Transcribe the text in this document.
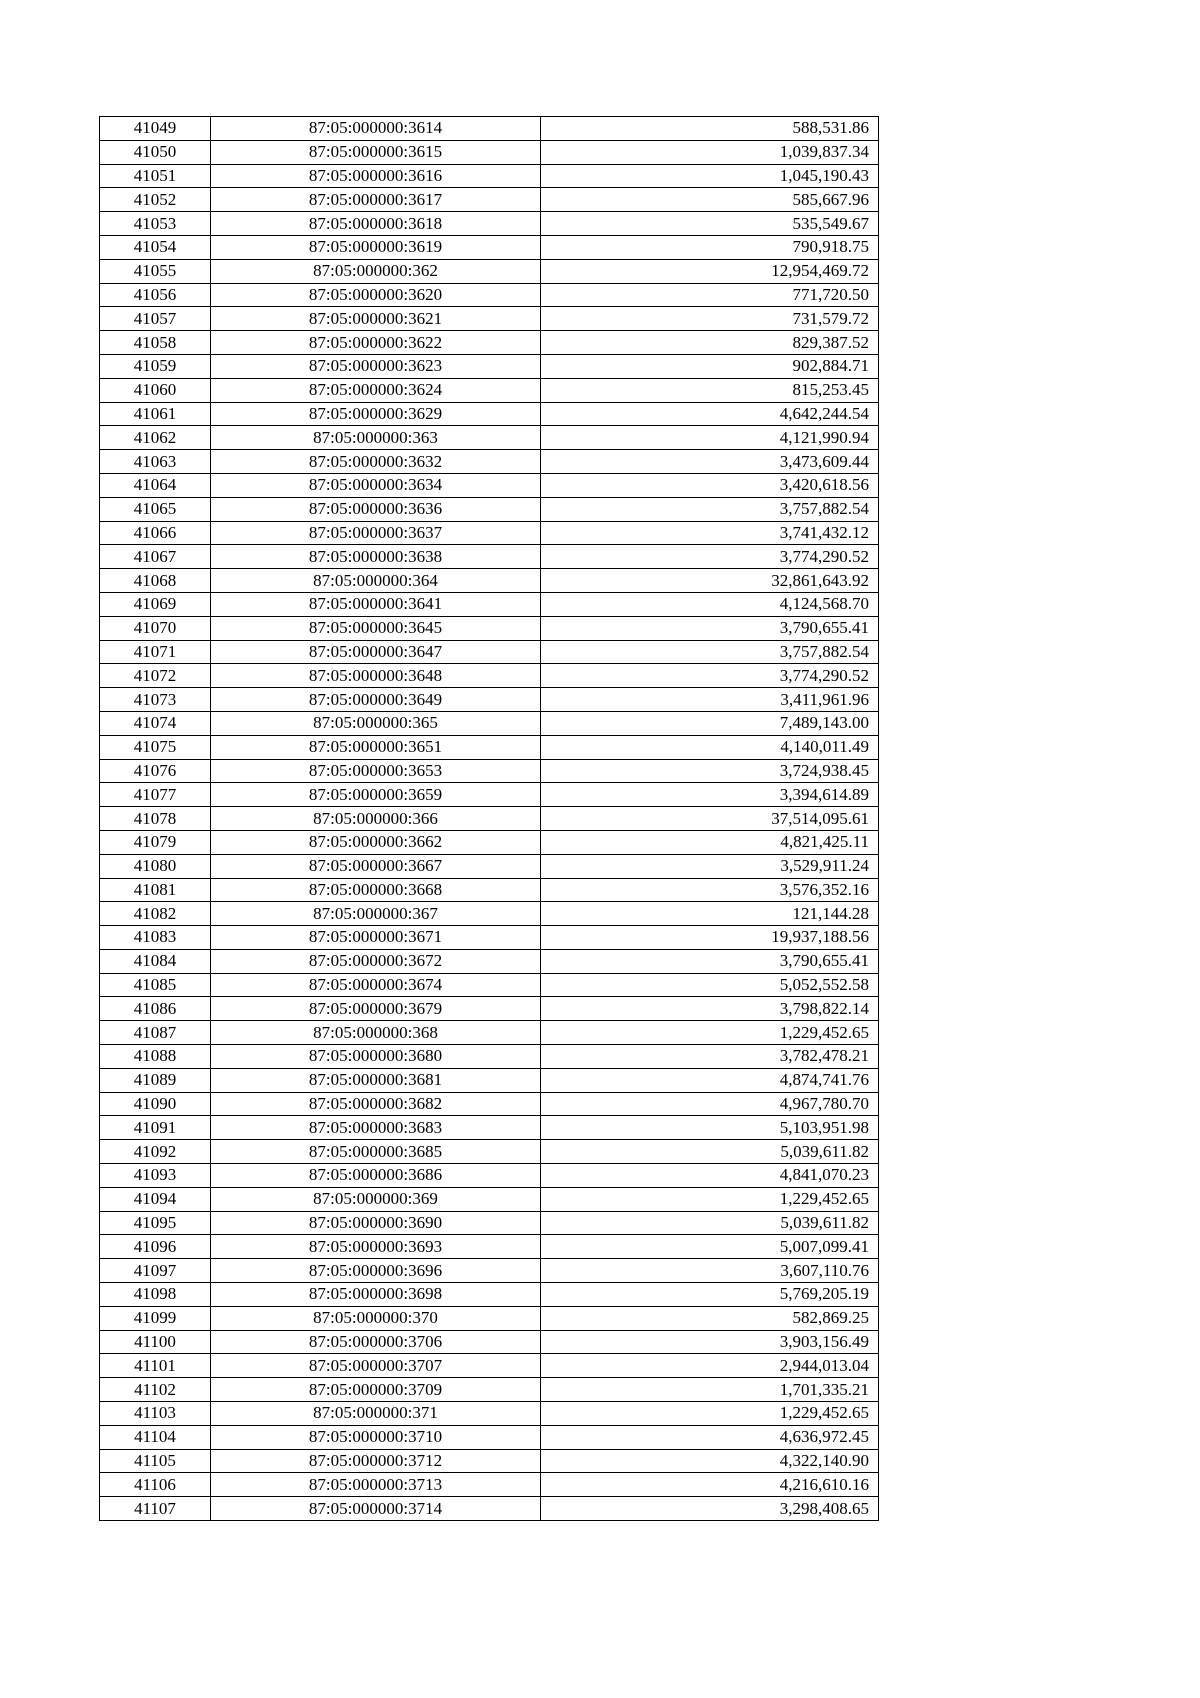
41049	87:05:000000:3614	588,531.86
41050	87:05:000000:3615	1,039,837.34
41051	87:05:000000:3616	1,045,190.43
41052	87:05:000000:3617	585,667.96
41053	87:05:000000:3618	535,549.67
41054	87:05:000000:3619	790,918.75
41055	87:05:000000:362	12,954,469.72
41056	87:05:000000:3620	771,720.50
41057	87:05:000000:3621	731,579.72
41058	87:05:000000:3622	829,387.52
41059	87:05:000000:3623	902,884.71
41060	87:05:000000:3624	815,253.45
41061	87:05:000000:3629	4,642,244.54
41062	87:05:000000:363	4,121,990.94
41063	87:05:000000:3632	3,473,609.44
41064	87:05:000000:3634	3,420,618.56
41065	87:05:000000:3636	3,757,882.54
41066	87:05:000000:3637	3,741,432.12
41067	87:05:000000:3638	3,774,290.52
41068	87:05:000000:364	32,861,643.92
41069	87:05:000000:3641	4,124,568.70
41070	87:05:000000:3645	3,790,655.41
41071	87:05:000000:3647	3,757,882.54
41072	87:05:000000:3648	3,774,290.52
41073	87:05:000000:3649	3,411,961.96
41074	87:05:000000:365	7,489,143.00
41075	87:05:000000:3651	4,140,011.49
41076	87:05:000000:3653	3,724,938.45
41077	87:05:000000:3659	3,394,614.89
41078	87:05:000000:366	37,514,095.61
41079	87:05:000000:3662	4,821,425.11
41080	87:05:000000:3667	3,529,911.24
41081	87:05:000000:3668	3,576,352.16
41082	87:05:000000:367	121,144.28
41083	87:05:000000:3671	19,937,188.56
41084	87:05:000000:3672	3,790,655.41
41085	87:05:000000:3674	5,052,552.58
41086	87:05:000000:3679	3,798,822.14
41087	87:05:000000:368	1,229,452.65
41088	87:05:000000:3680	3,782,478.21
41089	87:05:000000:3681	4,874,741.76
41090	87:05:000000:3682	4,967,780.70
41091	87:05:000000:3683	5,103,951.98
41092	87:05:000000:3685	5,039,611.82
41093	87:05:000000:3686	4,841,070.23
41094	87:05:000000:369	1,229,452.65
41095	87:05:000000:3690	5,039,611.82
41096	87:05:000000:3693	5,007,099.41
41097	87:05:000000:3696	3,607,110.76
41098	87:05:000000:3698	5,769,205.19
41099	87:05:000000:370	582,869.25
41100	87:05:000000:3706	3,903,156.49
41101	87:05:000000:3707	2,944,013.04
41102	87:05:000000:3709	1,701,335.21
41103	87:05:000000:371	1,229,452.65
41104	87:05:000000:3710	4,636,972.45
41105	87:05:000000:3712	4,322,140.90
41106	87:05:000000:3713	4,216,610.16
41107	87:05:000000:3714	3,298,408.65
